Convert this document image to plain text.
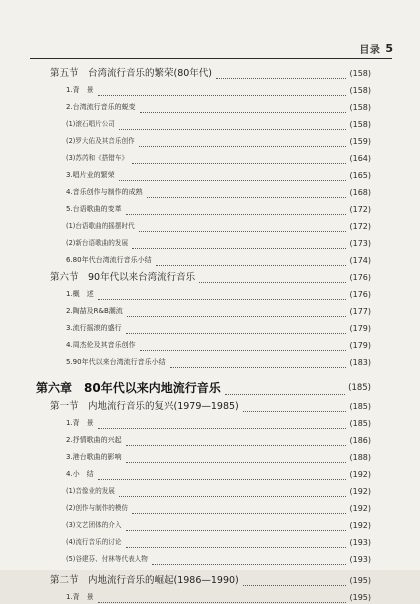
目录 5
第五节　台湾流行音乐的繁荣(80年代)	(158)
1.背　景	(158)
2.台湾流行音乐的蜕变	(158)
(1)滚石唱片公司	(158)
(2)罗大佑及其音乐创作	(159)
(3)苏芮和《搭错车》	(164)
3.唱片业的繁荣	(165)
4.音乐创作与制作的成熟	(168)
5.台语歌曲的变革	(172)
(1)台语歌曲的摇摆时代	(172)
(2)新台语歌曲的发展	(173)
6.80年代台湾流行音乐小结	(174)
第六节　90年代以来台湾流行音乐	(176)
1.概　述	(176)
2.陶喆及R&B潮流	(177)
3.流行摇滚的盛行	(179)
4.周杰伦及其音乐创作	(179)
5.90年代以来台湾流行音乐小结	(183)
第六章　80年代以来内地流行音乐	(185)
第一节　内地流行音乐的复兴(1979—1985)	(185)
1.背　景	(185)
2.抒情歌曲的兴起	(186)
3.港台歌曲的影响	(188)
4.小　结	(192)
(1)音像业的发展	(192)
(2)创作与制作的模仿	(192)
(3)文艺团体的介入	(192)
(4)流行音乐的讨论	(193)
(5)谷建芬、付林等代表人物	(193)
第二节　内地流行音乐的崛起(1986—1990)	(195)
1.背　景	(195)
